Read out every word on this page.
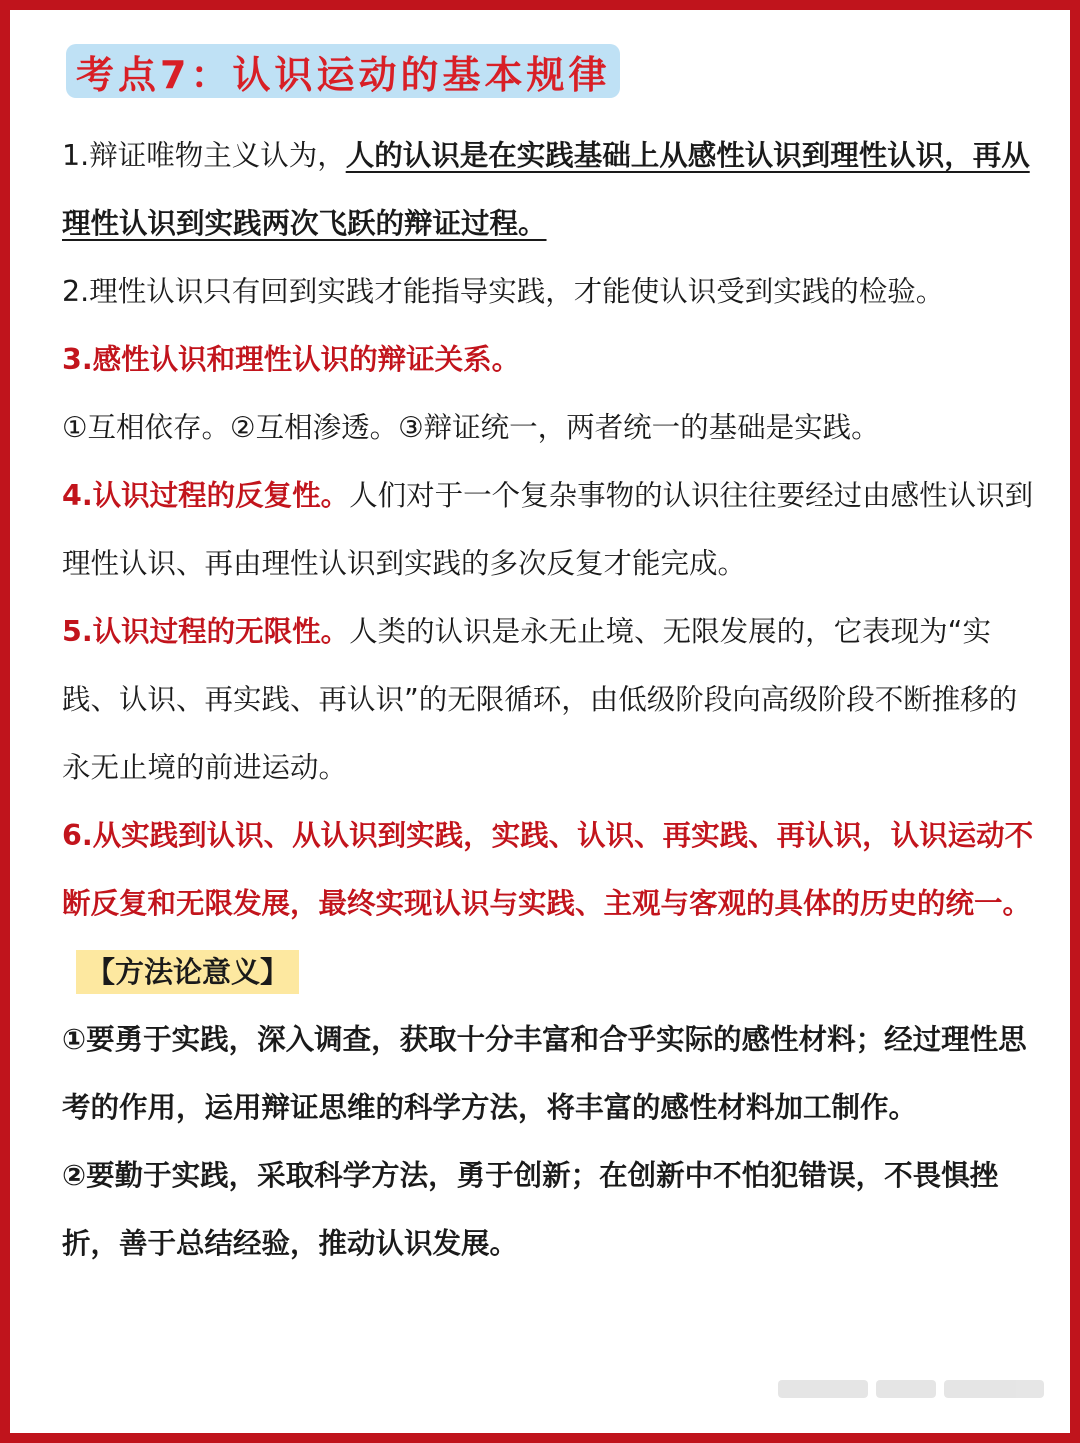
考点7：认识运动的基本规律

1.辩证唯物主义认为，人的认识是在实践基础上从感性认识到理性认识，再从理性认识到实践两次飞跃的辩证过程。

2.理性认识只有回到实践才能指导实践，才能使认识受到实践的检验。

3.感性认识和理性认识的辩证关系。

①互相依存。②互相渗透。③辩证统一，两者统一的基础是实践。

4.认识过程的反复性。人们对于一个复杂事物的认识往往要经过由感性认识到理性认识、再由理性认识到实践的多次反复才能完成。

5.认识过程的无限性。人类的认识是永无止境、无限发展的，它表现为“实践、认识、再实践、再认识”的无限循环，由低级阶段向高级阶段不断推移的永无止境的前进运动。

6.从实践到认识、从认识到实践，实践、认识、再实践、再认识，认识运动不断反复和无限发展，最终实现认识与实践、主观与客观的具体的历史的统一。

【方法论意义】

①要勇于实践，深入调查，获取十分丰富和合乎实际的感性材料；经过理性思考的作用，运用辩证思维的科学方法，将丰富的感性材料加工制作。

②要勤于实践，采取科学方法，勇于创新；在创新中不怕犯错误，不畏惧挫折，善于总结经验，推动认识发展。
